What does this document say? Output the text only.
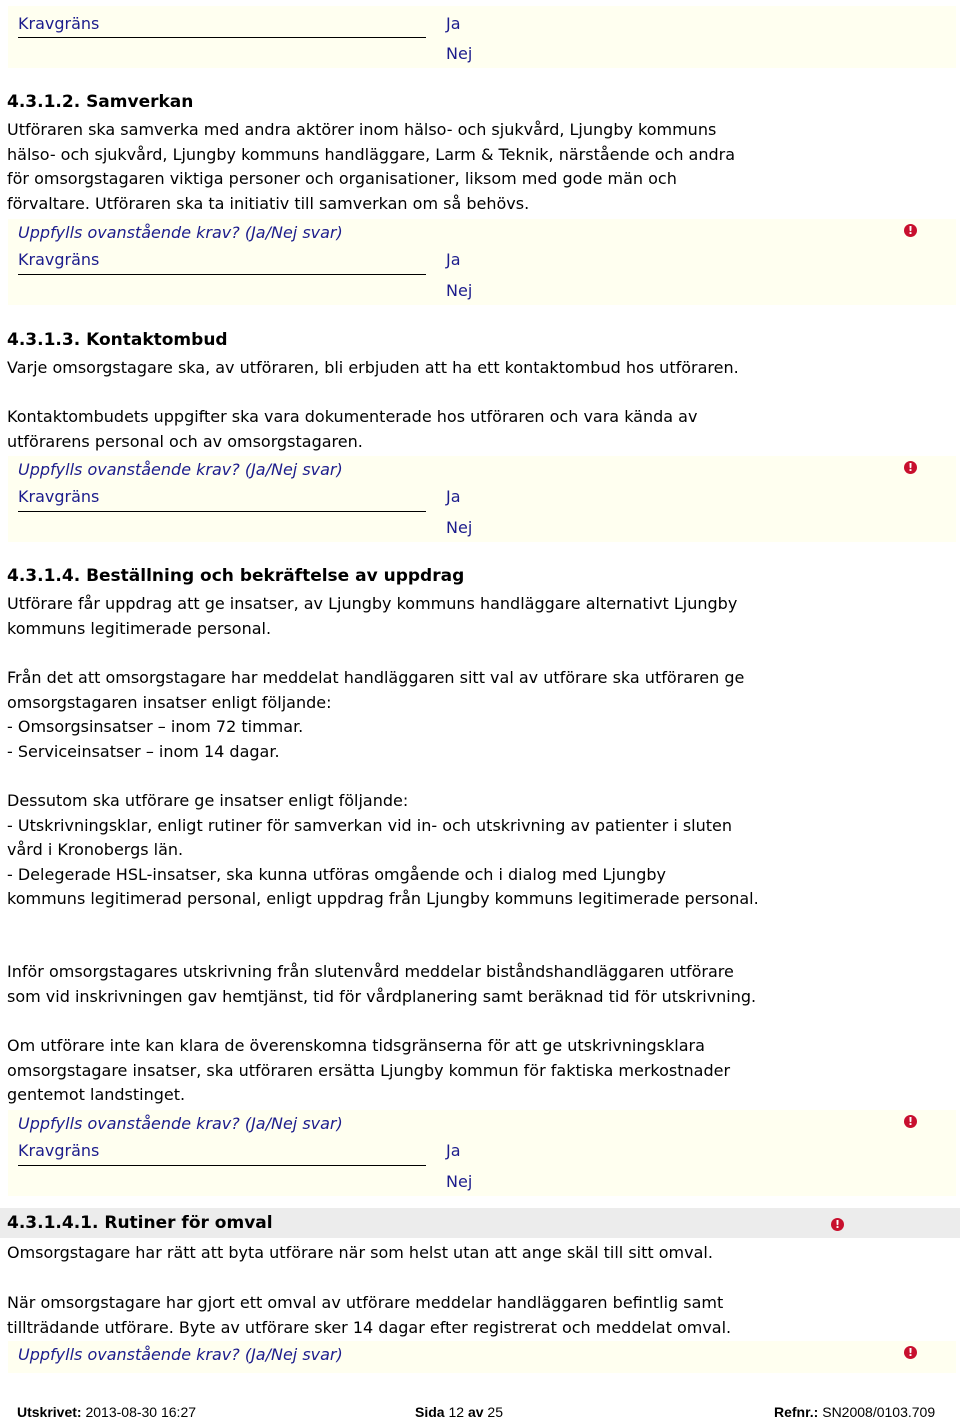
Kravgräns	Ja
Nej
4.3.1.2. Samverkan
Utföraren ska samverka med andra aktörer inom hälso- och sjukvård, Ljungby kommuns
hälso- och sjukvård, Ljungby kommuns handläggare, Larm & Teknik, närstående och andra
för omsorgstagaren viktiga personer och organisationer, liksom med gode män och
förvaltare. Utföraren ska ta initiativ till samverkan om så behövs.
Uppfylls ovanstående krav? (Ja/Nej svar)	!
Kravgräns	Ja
Nej
4.3.1.3. Kontaktombud
Varje omsorgstagare ska, av utföraren, bli erbjuden att ha ett kontaktombud hos utföraren.
Kontaktombudets uppgifter ska vara dokumenterade hos utföraren och vara kända av
utförarens personal och av omsorgstagaren.
Uppfylls ovanstående krav? (Ja/Nej svar)	!
Kravgräns	Ja
Nej
4.3.1.4. Beställning och bekräftelse av uppdrag
Utförare får uppdrag att ge insatser, av Ljungby kommuns handläggare alternativt Ljungby
kommuns legitimerade personal.
Från det att omsorgstagare har meddelat handläggaren sitt val av utförare ska utföraren ge
omsorgstagaren insatser enligt följande:
- Omsorgsinsatser – inom 72 timmar.
- Serviceinsatser – inom 14 dagar.
Dessutom ska utförare ge insatser enligt följande:
- Utskrivningsklar, enligt rutiner för samverkan vid in- och utskrivning av patienter i sluten
vård i Kronobergs län.
- Delegerade HSL-insatser, ska kunna utföras omgående och i dialog med Ljungby
kommuns legitimerad personal, enligt uppdrag från Ljungby kommuns legitimerade personal.
Inför omsorgstagares utskrivning från slutenvård meddelar biståndshandläggaren utförare
som vid inskrivningen gav hemtjänst, tid för vårdplanering samt beräknad tid för utskrivning.
Om utförare inte kan klara de överenskomna tidsgränserna för att ge utskrivningsklara
omsorgstagare insatser, ska utföraren ersätta Ljungby kommun för faktiska merkostnader
gentemot landstinget.
Uppfylls ovanstående krav? (Ja/Nej svar)	!
Kravgräns	Ja
Nej
4.3.1.4.1. Rutiner för omval	!
Omsorgstagare har rätt att byta utförare när som helst utan att ange skäl till sitt omval.
När omsorgstagare har gjort ett omval av utförare meddelar handläggaren befintlig samt
tillträdande utförare. Byte av utförare sker 14 dagar efter registrerat och meddelat omval.
Uppfylls ovanstående krav? (Ja/Nej svar)	!
Utskrivet: 2013-08-30 16:27	Sida 12 av 25	Refnr.: SN2008/0103.709
